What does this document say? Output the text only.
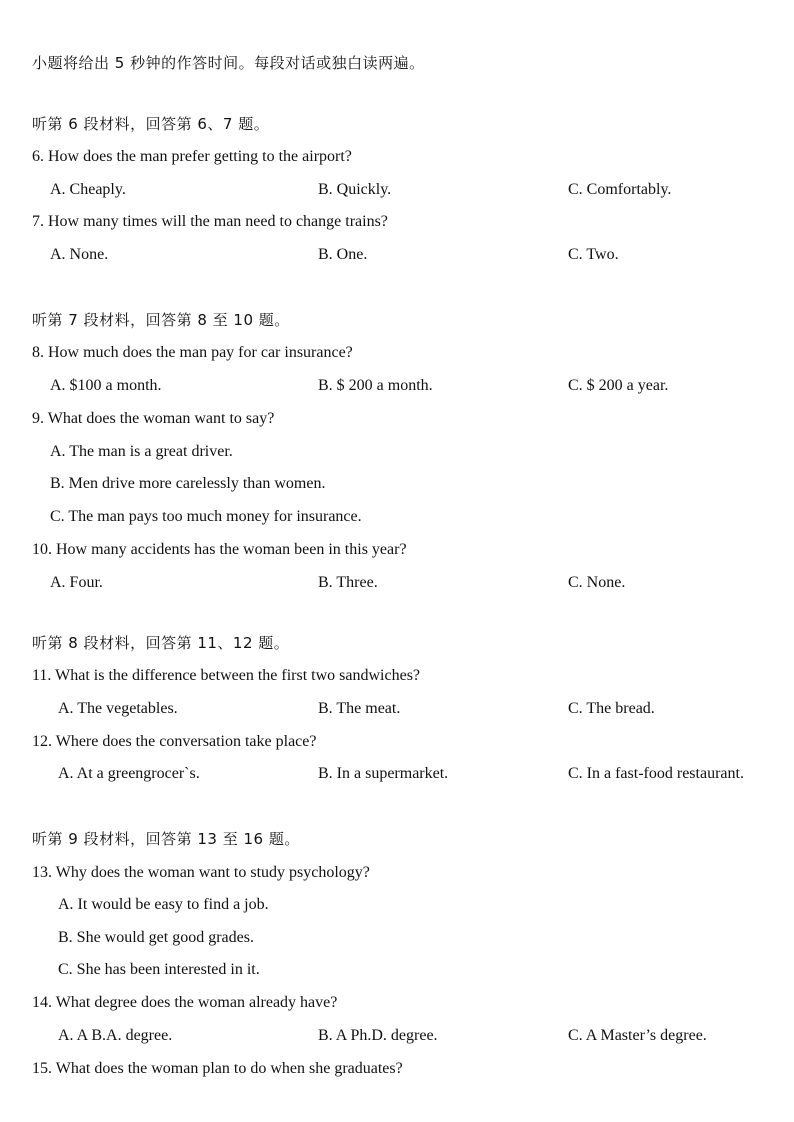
小题将给出 5 秒钟的作答时间。每段对话或独白读两遍。
听第 6 段材料，回答第 6、7 题。
6. How does the man prefer getting to the airport?
A. Cheaply.	B. Quickly.	C. Comfortably.
7. How many times will the man need to change trains?
A. None.	B. One.	C. Two.
听第 7 段材料，回答第 8 至 10 题。
8. How much does the man pay for car insurance?
A. $100 a month.	B. $ 200 a month.	C. $ 200 a year.
9. What does the woman want to say?
A. The man is a great driver.
B. Men drive more carelessly than women.
C. The man pays too much money for insurance.
10. How many accidents has the woman been in this year?
A. Four.	B. Three.	C. None.
听第 8 段材料，回答第 11、12 题。
11. What is the difference between the first two sandwiches?
A. The vegetables.	B. The meat.	C. The bread.
12. Where does the conversation take place?
A. At a greengrocer`s.	B. In a supermarket.	C. In a fast-food restaurant.
听第 9 段材料，回答第 13 至 16 题。
13. Why does the woman want to study psychology?
A. It would be easy to find a job.
B. She would get good grades.
C. She has been interested in it.
14. What degree does the woman already have?
A. A B.A. degree.	B. A Ph.D. degree.	C. A Master’s degree.
15. What does the woman plan to do when she graduates?
